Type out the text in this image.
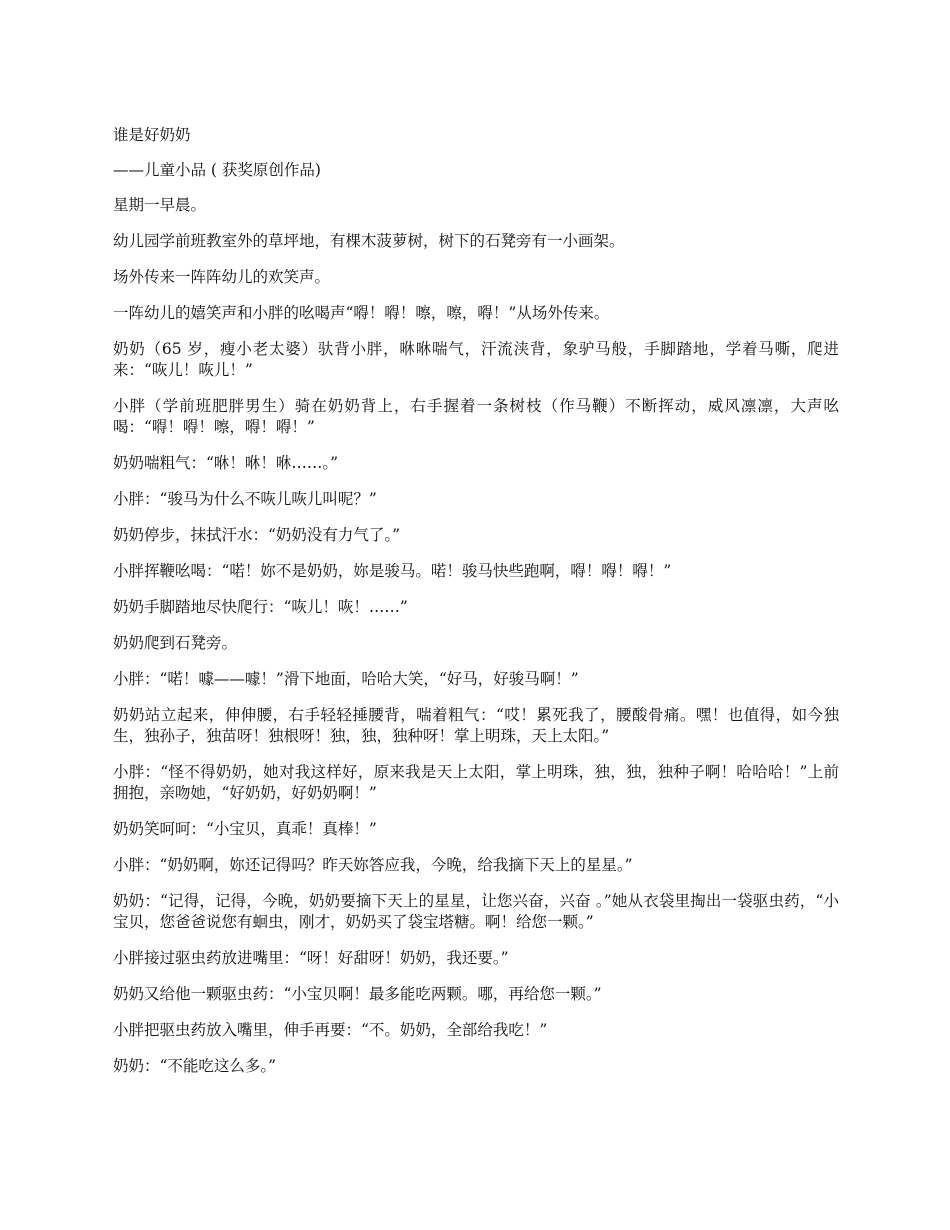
谁是好奶奶

——儿童小品 ( 获奖原创作品)

星期一早晨。

幼儿园学前班教室外的草坪地，有棵木菠萝树，树下的石凳旁有一小画架。

场外传来一阵阵幼儿的欢笑声。

一阵幼儿的嬉笑声和小胖的吆喝声“嘚！嘚！嚓，嚓，嘚！”从场外传来。

奶奶（65 岁，瘦小老太婆）驮背小胖，咻咻喘气，汗流浃背，象驴马般，手脚踏地，学着马嘶，爬进来：“咴儿！咴儿！”

小胖（学前班肥胖男生）骑在奶奶背上，右手握着一条树枝（作马鞭）不断挥动，威风凛凛，大声吆喝：“嘚！嘚！嚓，嘚！嘚！”

奶奶喘粗气：“咻！咻！咻……。”

小胖：“骏马为什么不咴儿咴儿叫呢？”

奶奶停步，抹拭汗水：“奶奶没有力气了。”

小胖挥鞭吆喝：“喏！妳不是奶奶，妳是骏马。喏！骏马快些跑啊，嘚！嘚！嘚！”

奶奶手脚踏地尽快爬行：“咴儿！咴！……”

奶奶爬到石凳旁。

小胖：“喏！噱——噱！”滑下地面，哈哈大笑，“好马，好骏马啊！”

奶奶站立起来，伸伸腰，右手轻轻捶腰背，喘着粗气：“哎！累死我了，腰酸骨痛。嘿！也值得，如今独生，独孙子，独苗呀！独根呀！独，独，独种呀！掌上明珠，天上太阳。”

小胖：“怪不得奶奶，她对我这样好，原来我是天上太阳，掌上明珠，独，独，独种子啊！哈哈哈！”上前拥抱，亲吻她，“好奶奶，好奶奶啊！”

奶奶笑呵呵：“小宝贝，真乖！真棒！”

小胖：“奶奶啊，妳还记得吗？昨天妳答应我，今晚，给我摘下天上的星星。”

奶奶：“记得，记得，今晚，奶奶要摘下天上的星星，让您兴奋，兴奋 。”她从衣袋里掏出一袋驱虫药，“小宝贝，您爸爸说您有蛔虫，刚才，奶奶买了袋宝塔糖。啊！给您一颗。”

小胖接过驱虫药放进嘴里：“呀！好甜呀！奶奶，我还要。”

奶奶又给他一颗驱虫药：“小宝贝啊！最多能吃两颗。哪，再给您一颗。”

小胖把驱虫药放入嘴里，伸手再要：“不。奶奶，全部给我吃！”

奶奶：“不能吃这么多。”
